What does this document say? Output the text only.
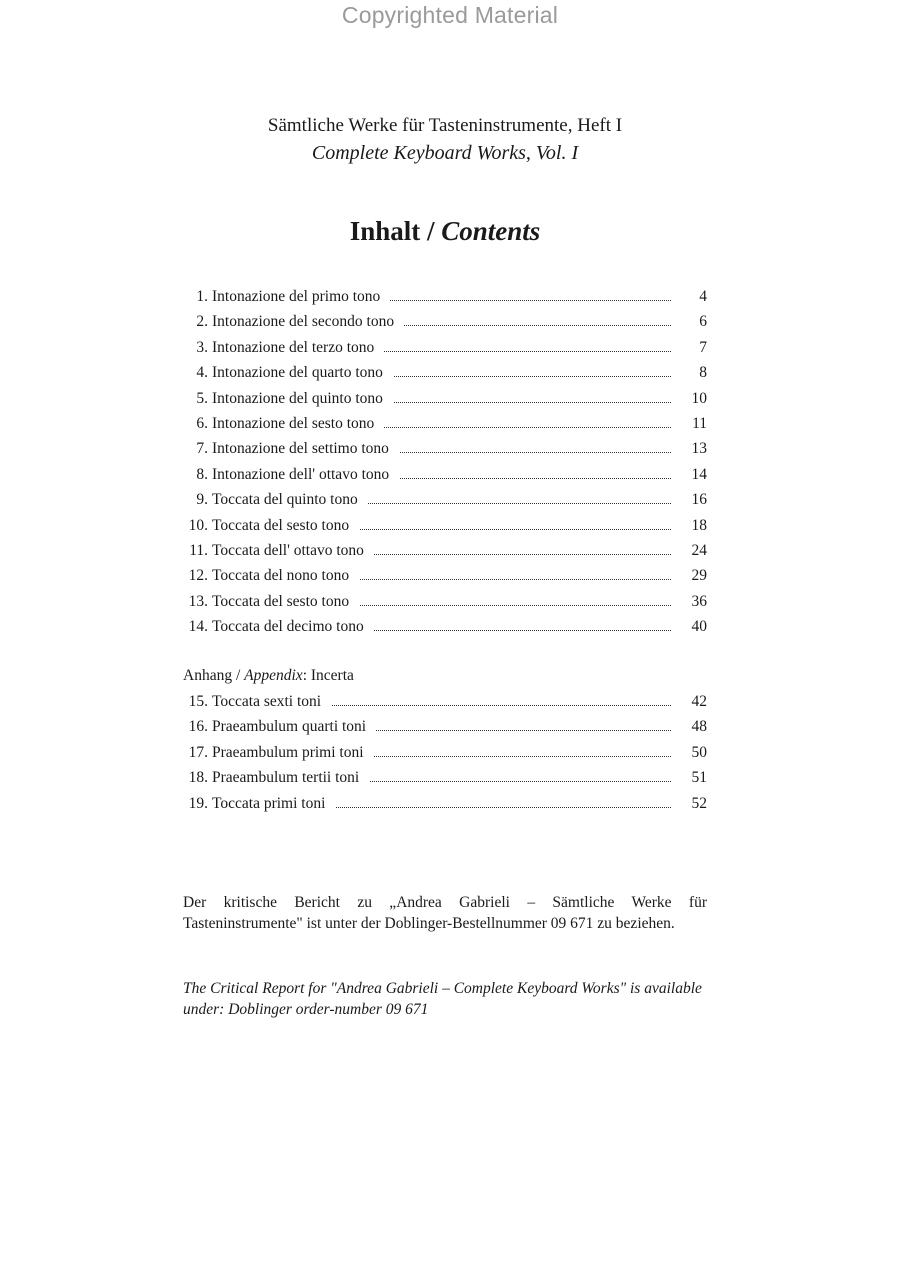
Copyrighted Material
Sämtliche Werke für Tasteninstrumente, Heft I
Complete Keyboard Works, Vol. I
Inhalt / Contents
1. Intonazione del primo tono	4
2. Intonazione del secondo tono	6
3. Intonazione del terzo tono	7
4. Intonazione del quarto tono	8
5. Intonazione del quinto tono	10
6. Intonazione del sesto tono	11
7. Intonazione del settimo tono	13
8. Intonazione dell' ottavo tono	14
9. Toccata del quinto tono	16
10. Toccata del sesto tono	18
11. Toccata dell' ottavo tono	24
12. Toccata del nono tono	29
13. Toccata del sesto tono	36
14. Toccata del decimo tono	40
Anhang / Appendix: Incerta
15. Toccata sexti toni	42
16. Praeambulum quarti toni	48
17. Praeambulum primi toni	50
18. Praeambulum tertii toni	51
19. Toccata primi toni	52

Der kritische Bericht zu „Andrea Gabrieli – Sämtliche Werke für Tasteninstrumente" ist unter der Doblinger-Bestellnummer 09 671 zu beziehen.

The Critical Report for "Andrea Gabrieli – Complete Keyboard Works" is available under: Doblinger order-number 09 671
